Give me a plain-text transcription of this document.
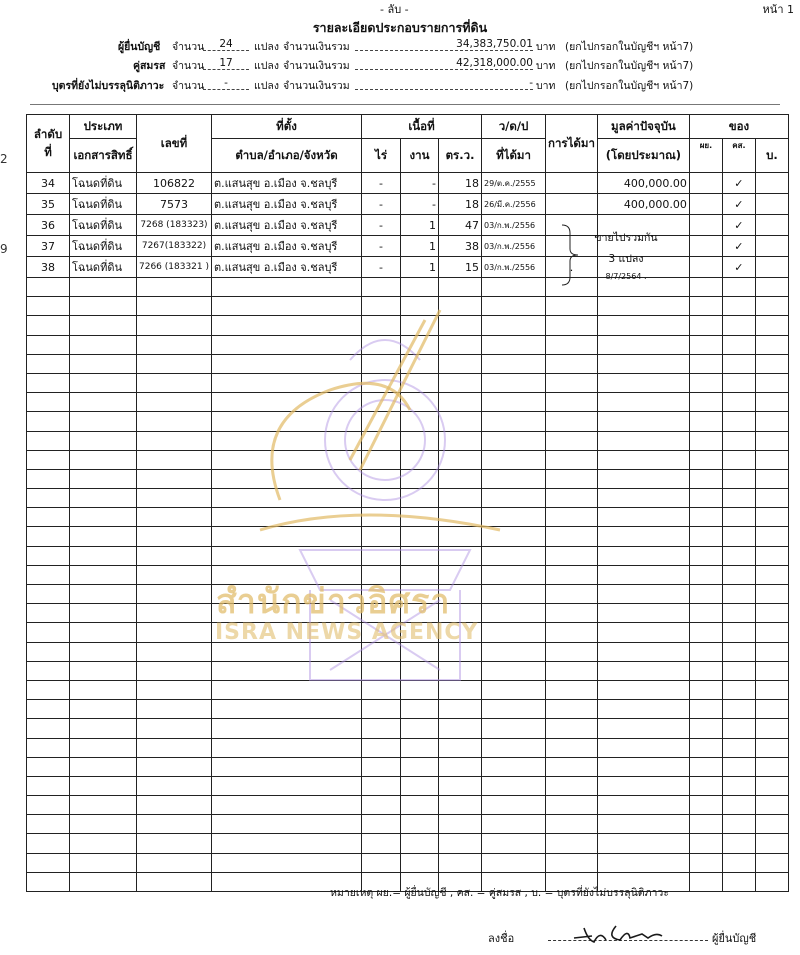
2
9
- ลับ -	หน้า 1
รายละเอียดประกอบรายการที่ดิน
ผู้ยื่นบัญชี จำนวน	24	แปลง จำนวนเงินรวม	34,383,750.01 บาท (ยกไปกรอกในบัญชีฯ หน้า7)
คู่สมรส จำนวน	17	แปลง จำนวนเงินรวม	42,318,000.00 บาท (ยกไปกรอกในบัญชีฯ หน้า7)
บุตรที่ยังไม่บรรลุนิติภาวะ จำนวน	-	แปลง จำนวนเงินรวม	- บาท (ยกไปกรอกในบัญชีฯ หน้า7)
ลำดับ
ที่	ประเภท	เลขที่	ที่ตั้ง	เนื้อที่			ว/ด/ป	การได้มา	มูลค่าปัจจุบัน	ของ		
	เอกสารสิทธิ์		ตำบล/อำเภอ/จังหวัด	ไร่	งาน	ตร.ว.	ที่ได้มา		(โดยประมาณ)	ผย.	คส.	บ.
34	โฉนดที่ดิน	106822	ต.แสนสุข อ.เมือง จ.ชลบุรี	-	-	18	29/ต.ค./2555		400,000.00		✓	
35	โฉนดที่ดิน	7573	ต.แสนสุข อ.เมือง จ.ชลบุรี	-	-	18	26/มี.ค./2556		400,000.00		✓	
36	โฉนดที่ดิน	7268 (183323)	ต.แสนสุข อ.เมือง จ.ชลบุรี	-	1	47	03/ก.พ./2556				✓	
37	โฉนดที่ดิน	7267(183322)	ต.แสนสุข อ.เมือง จ.ชลบุรี	-	1	38	03/ก.พ./2556				✓	
38	โฉนดที่ดิน	7266 (183321 )	ต.แสนสุข อ.เมือง จ.ชลบุรี	-	1	15	03/ก.พ./2556	.			✓	

ขายไปรวมกัน
3 แปลง
8/7/2564 .
สำนักข่าวอิศรา
ISRA NEWS AGENCY
หมายเหตุ ผย.= ผู้ยื่นบัญชี , คส. = คู่สมรส , บ. = บุตรที่ยังไม่บรรลุนิติภาวะ
ลงชื่อ	ผู้ยื่นบัญชี
